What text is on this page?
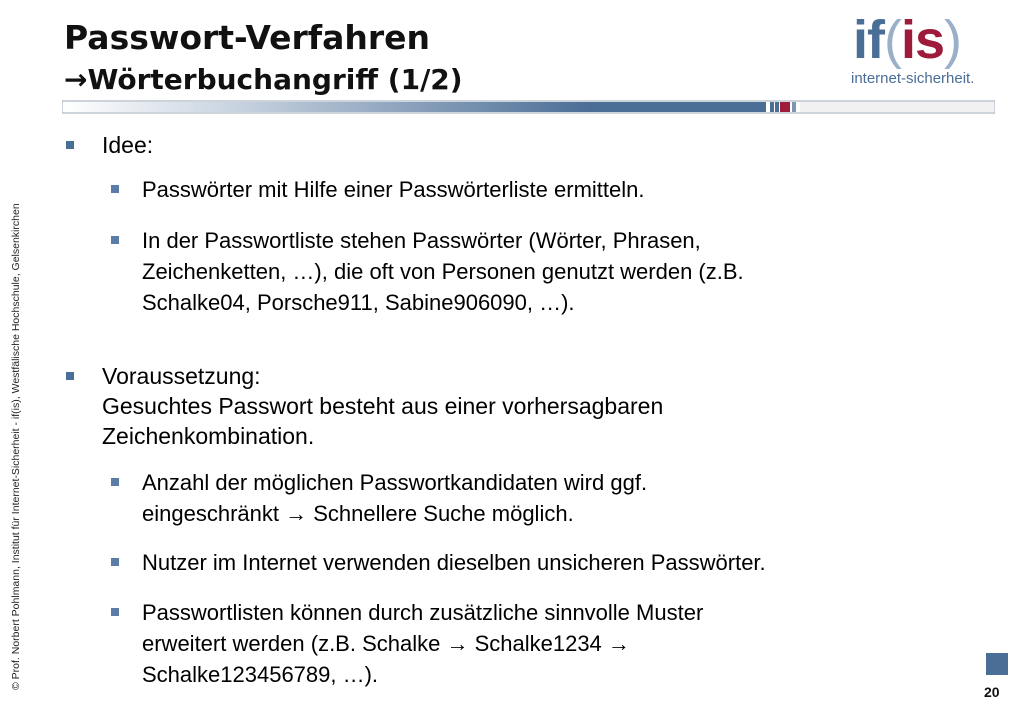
Passwort-Verfahren
→Wörterbuchangriff (1/2)
if(is)
internet-sicherheit.
© Prof. Norbert Pohlmann, Institut für Internet-Sicherheit - if(is), Westfälische Hochschule, Gelsenkirchen
Idee:
Passwörter mit Hilfe einer Passwörterliste ermitteln.
In der Passwortliste stehen Passwörter (Wörter, Phrasen,
Zeichenketten, …), die oft von Personen genutzt werden (z.B.
Schalke04, Porsche911, Sabine906090, …).
Voraussetzung:
Gesuchtes Passwort besteht aus einer vorhersagbaren
Zeichenkombination.
Anzahl der möglichen Passwortkandidaten wird ggf.
eingeschränkt → Schnellere Suche möglich.
Nutzer im Internet verwenden dieselben unsicheren Passwörter.
Passwortlisten können durch zusätzliche sinnvolle Muster
erweitert werden (z.B. Schalke → Schalke1234 →
Schalke123456789, …).
20
